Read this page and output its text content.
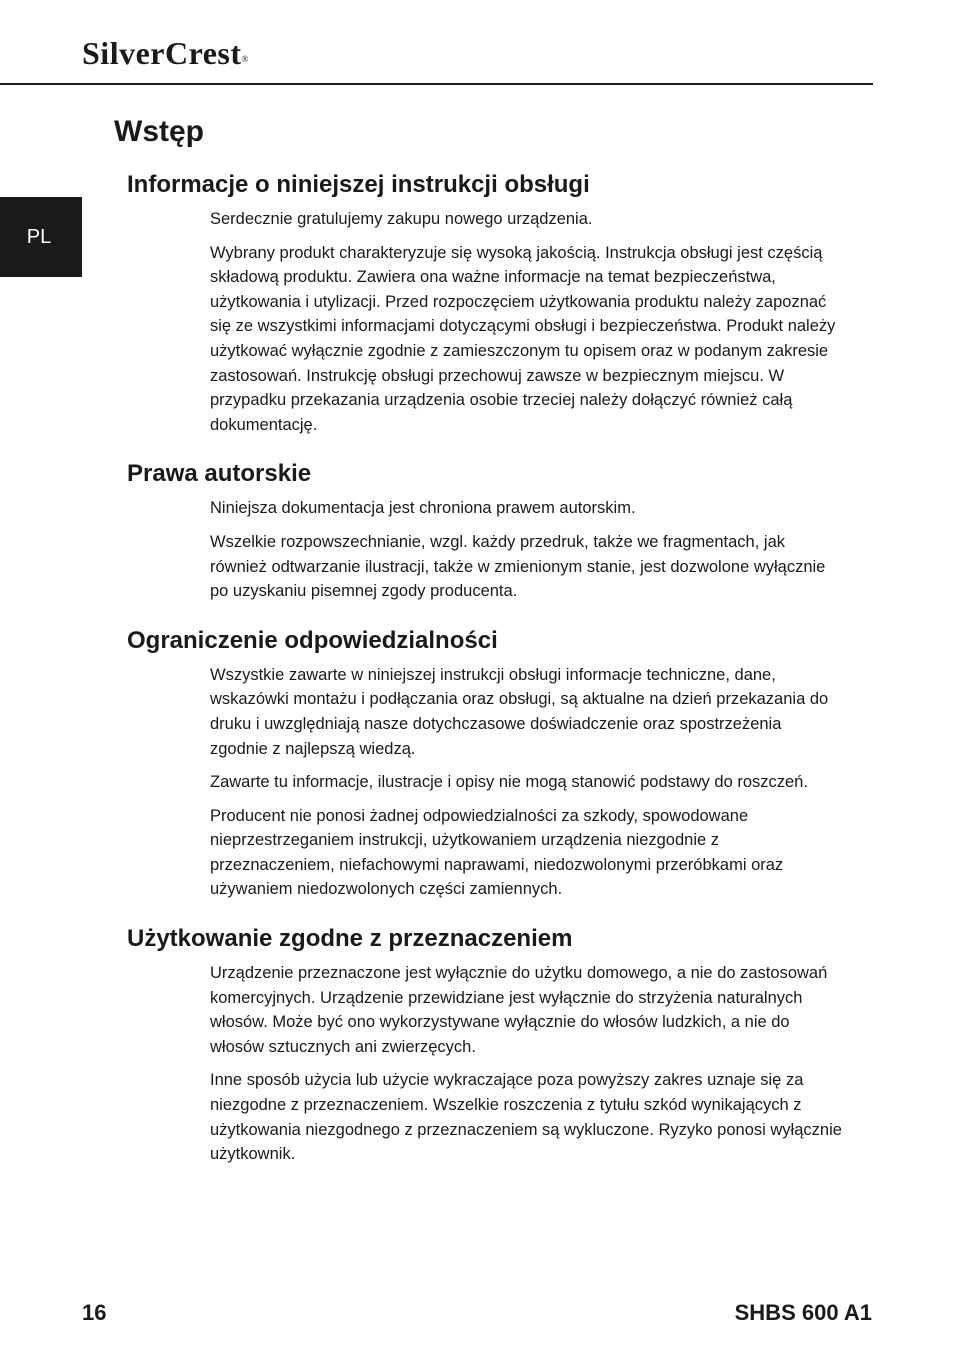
SilverCrest®
PL
Wstęp
Informacje o niniejszej instrukcji obsługi

Serdecznie gratulujemy zakupu nowego urządzenia.

Wybrany produkt charakteryzuje się wysoką jakością. Instrukcja obsługi jest częścią składową produktu. Zawiera ona ważne informacje na temat bezpieczeństwa, użytkowania i utylizacji. Przed rozpoczęciem użytkowania produktu należy zapoznać się ze wszystkimi informacjami dotyczącymi obsługi i bezpieczeństwa. Produkt należy użytkować wyłącznie zgodnie z zamieszczonym tu opisem oraz w podanym zakresie zastosowań. Instrukcję obsługi przechowuj zawsze w bezpiecznym miejscu. W przypadku przekazania urządzenia osobie trzeciej należy dołączyć również całą dokumentację.

Prawa autorskie

Niniejsza dokumentacja jest chroniona prawem autorskim.

Wszelkie rozpowszechnianie, wzgl. każdy przedruk, także we fragmentach, jak również odtwarzanie ilustracji, także w zmienionym stanie, jest dozwolone wyłącznie po uzyskaniu pisemnej zgody producenta.

Ograniczenie odpowiedzialności

Wszystkie zawarte w niniejszej instrukcji obsługi informacje techniczne, dane, wskazówki montażu i podłączania oraz obsługi, są aktualne na dzień przekazania do druku i uwzględniają nasze dotychczasowe doświadczenie oraz spostrzeżenia zgodnie z najlepszą wiedzą.

Zawarte tu informacje, ilustracje i opisy nie mogą stanowić podstawy do roszczeń.

Producent nie ponosi żadnej odpowiedzialności za szkody, spowodowane nieprzestrzeganiem instrukcji, użytkowaniem urządzenia niezgodnie z przeznaczeniem, niefachowymi naprawami, niedozwolonymi przeróbkami oraz używaniem niedozwolonych części zamiennych.

Użytkowanie zgodne z przeznaczeniem

Urządzenie przeznaczone jest wyłącznie do użytku domowego, a nie do zastosowań komercyjnych. Urządzenie przewidziane jest wyłącznie do strzyżenia naturalnych włosów. Może być ono wykorzystywane wyłącznie do włosów ludzkich, a nie do włosów sztucznych ani zwierzęcych.

Inne sposób użycia lub użycie wykraczające poza powyższy zakres uznaje się za niezgodne z przeznaczeniem. Wszelkie roszczenia z tytułu szkód wynikających z użytkowania niezgodnego z przeznaczeniem są wykluczone. Ryzyko ponosi wyłącznie użytkownik.

16	SHBS 600 A1
